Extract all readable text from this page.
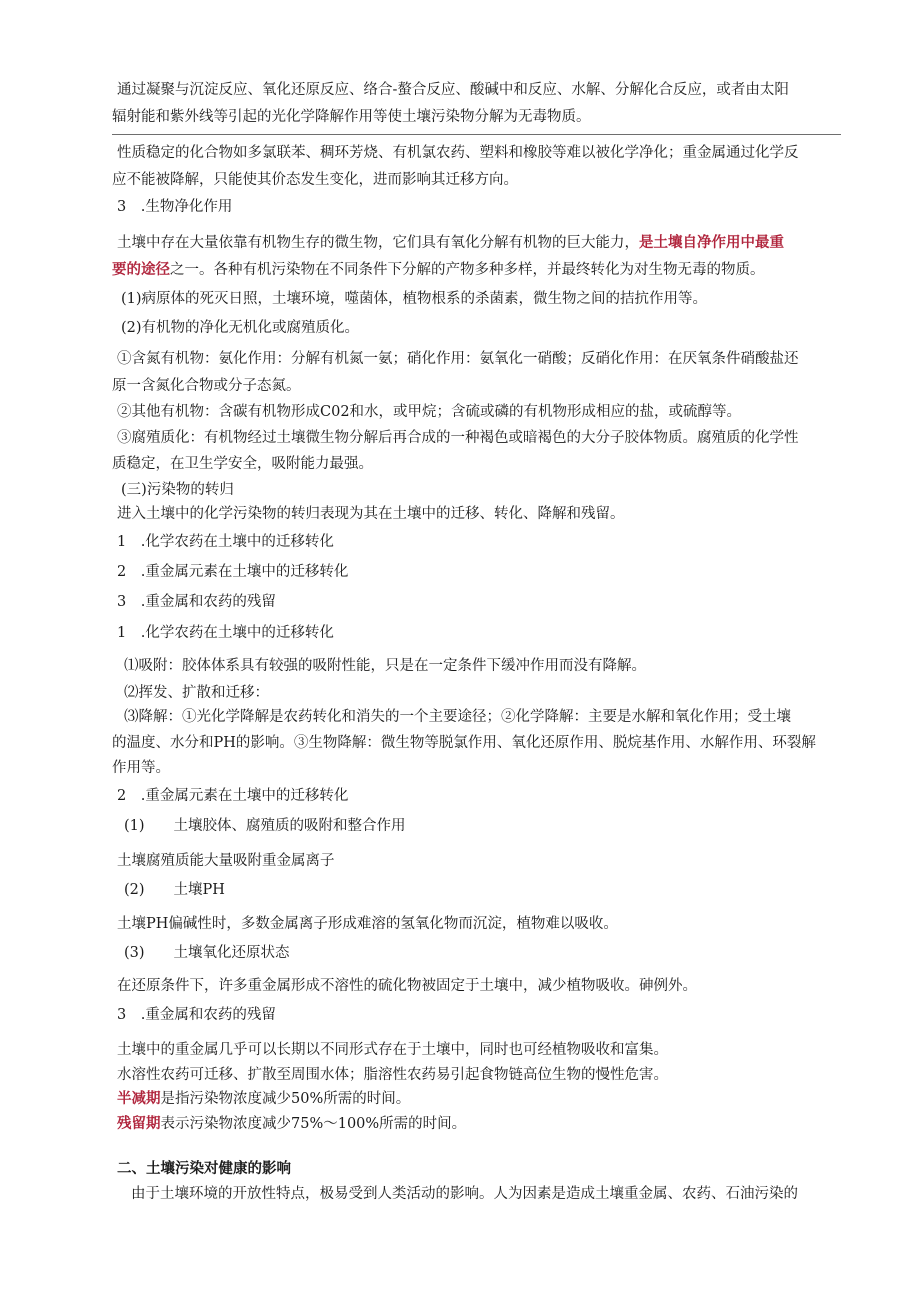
通过凝聚与沉淀反应、氧化还原反应、络合-螯合反应、酸碱中和反应、水解、分解化合反应，或者由太阳
辐射能和紫外线等引起的光化学降解作用等使土壤污染物分解为无毒物质。
性质稳定的化合物如多氯联苯、稠环芳烧、有机氯农药、塑料和橡胶等难以被化学净化；重金属通过化学反
应不能被降解，只能使其价态发生变化，进而影响其迁移方向。
3　.生物净化作用
土壤中存在大量依靠有机物生存的微生物，它们具有氧化分解有机物的巨大能力，是土壤自净作用中最重
要的途径之一。各种有机污染物在不同条件下分解的产物多种多样，并最终转化为对生物无毒的物质。
(1)病原体的死灭日照，土壤环境，噬菌体，植物根系的杀菌素，微生物之间的拮抗作用等。
(2)有机物的净化无机化或腐殖质化。
①含氮有机物：氨化作用：分解有机氮一氨；硝化作用：氨氧化一硝酸；反硝化作用：在厌氧条件硝酸盐还
原一含氮化合物或分子态氮。
②其他有机物：含碳有机物形成C02和水，或甲烷；含硫或磷的有机物形成相应的盐，或硫醇等。
③腐殖质化：有机物经过土壤微生物分解后再合成的一种褐色或暗褐色的大分子胶体物质。腐殖质的化学性
质稳定，在卫生学安全，吸附能力最强。
(三)污染物的转归
进入土壤中的化学污染物的转归表现为其在土壤中的迁移、转化、降解和残留。
1　.化学农药在土壤中的迁移转化
2　.重金属元素在土壤中的迁移转化
3　.重金属和农药的残留
1　.化学农药在土壤中的迁移转化
⑴吸附：胶体体系具有较强的吸附性能，只是在一定条件下缓冲作用而没有降解。
⑵挥发、扩散和迁移：
⑶降解：①光化学降解是农药转化和消失的一个主要途径；②化学降解：主要是水解和氧化作用；受土壤
的温度、水分和PH的影响。③生物降解：微生物等脱氯作用、氧化还原作用、脱烷基作用、水解作用、环裂解
作用等。
2　.重金属元素在土壤中的迁移转化
(1)　　土壤胶体、腐殖质的吸附和整合作用
土壤腐殖质能大量吸附重金属离子
(2)　　土壤PH
土壤PH偏碱性时，多数金属离子形成难溶的氢氧化物而沉淀，植物难以吸收。
(3)　　土壤氧化还原状态
在还原条件下，许多重金属形成不溶性的硫化物被固定于土壤中，减少植物吸收。砷例外。
3　.重金属和农药的残留
土壤中的重金属几乎可以长期以不同形式存在于土壤中，同时也可经植物吸收和富集。
水溶性农药可迁移、扩散至周围水体；脂溶性农药易引起食物链高位生物的慢性危害。
半减期是指污染物浓度减少50%所需的时间。
残留期表示污染物浓度减少75%～100%所需的时间。
二、土壤污染对健康的影响
由于土壤环境的开放性特点，极易受到人类活动的影响。人为因素是造成土壤重金属、农药、石油污染的
